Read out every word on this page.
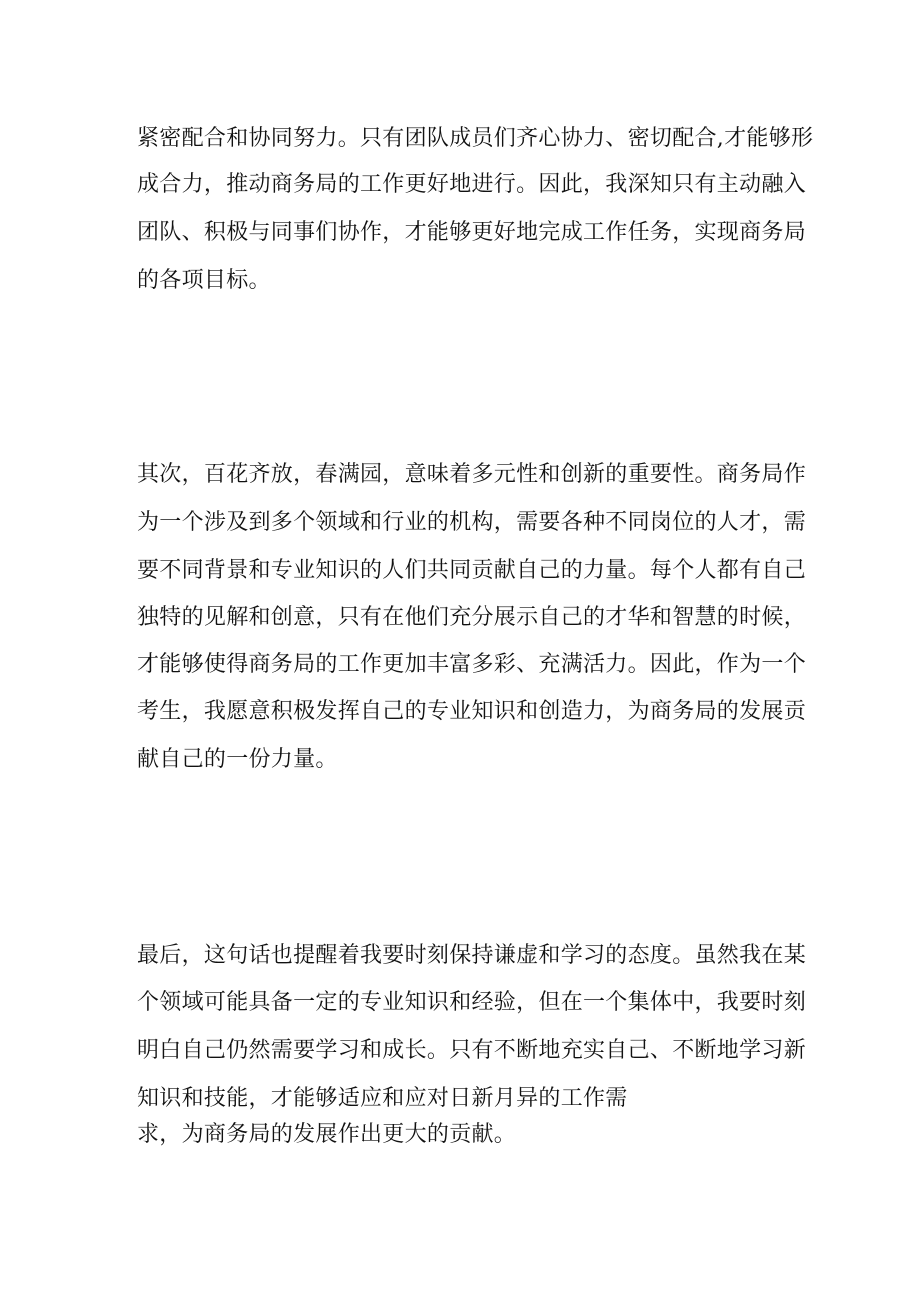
紧密配合和协同努力。只有团队成员们齐心协力、密切配合,才能够形
成合力，推动商务局的工作更好地进行。因此，我深知只有主动融入
团队、积极与同事们协作，才能够更好地完成工作任务，实现商务局
的各项目标。
其次，百花齐放，春满园，意味着多元性和创新的重要性。商务局作
为一个涉及到多个领域和行业的机构，需要各种不同岗位的人才，需
要不同背景和专业知识的人们共同贡献自己的力量。每个人都有自己
独特的见解和创意，只有在他们充分展示自己的才华和智慧的时候，
才能够使得商务局的工作更加丰富多彩、充满活力。因此，作为一个
考生，我愿意积极发挥自己的专业知识和创造力，为商务局的发展贡
献自己的一份力量。
最后，这句话也提醒着我要时刻保持谦虚和学习的态度。虽然我在某
个领域可能具备一定的专业知识和经验，但在一个集体中，我要时刻
明白自己仍然需要学习和成长。只有不断地充实自己、不断地学习新
知识和技能，才能够适应和应对日新月异的工作需
求，为商务局的发展作出更大的贡献。
